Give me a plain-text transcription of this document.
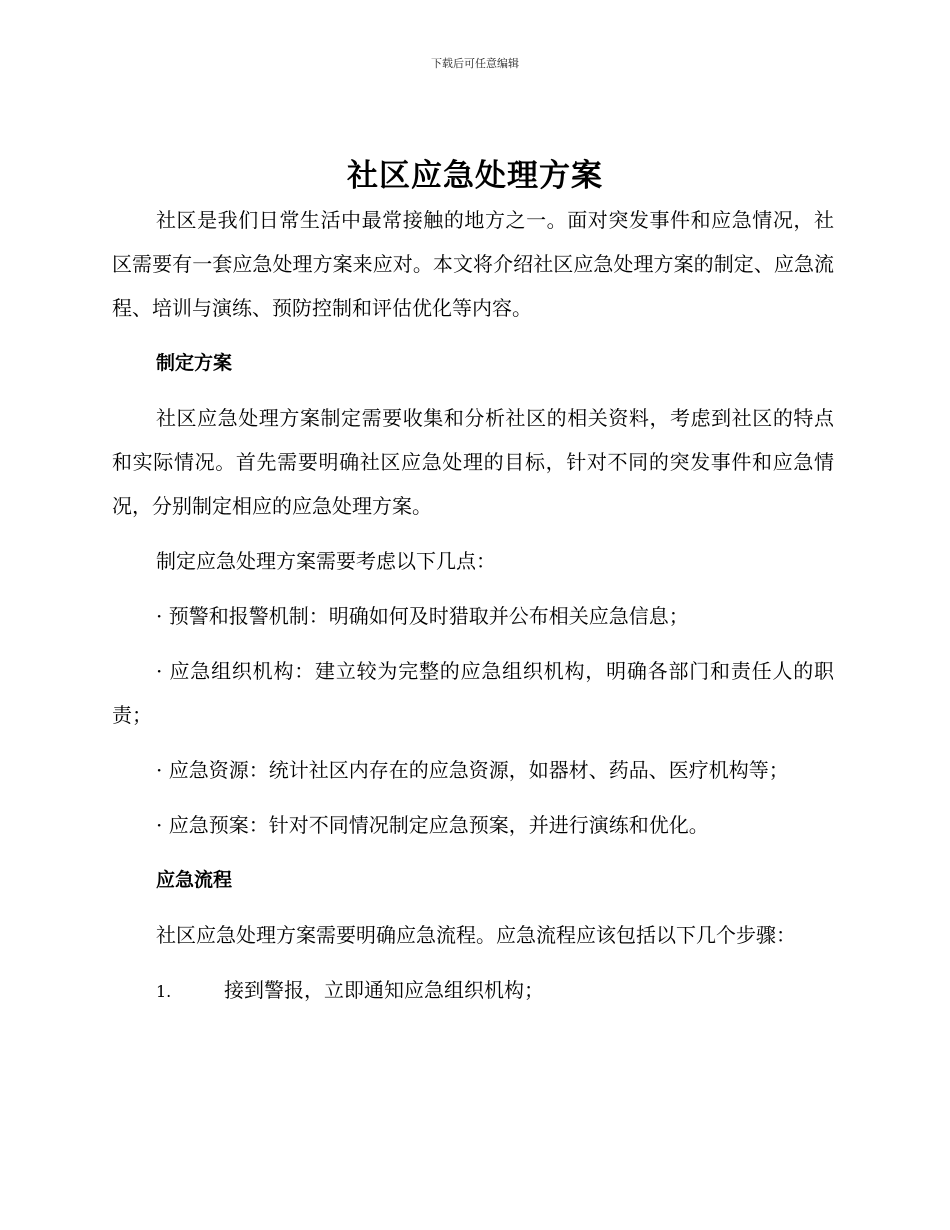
下载后可任意编辑
社区应急处理方案

社区是我们日常生活中最常接触的地方之一。面对突发事件和应急情况，社区需要有一套应急处理方案来应对。本文将介绍社区应急处理方案的制定、应急流程、培训与演练、预防控制和评估优化等内容。

制定方案

社区应急处理方案制定需要收集和分析社区的相关资料，考虑到社区的特点和实际情况。首先需要明确社区应急处理的目标，针对不同的突发事件和应急情况，分别制定相应的应急处理方案。

制定应急处理方案需要考虑以下几点：

· 预警和报警机制：明确如何及时猎取并公布相关应急信息；

· 应急组织机构：建立较为完整的应急组织机构，明确各部门和责任人的职责；

· 应急资源：统计社区内存在的应急资源，如器材、药品、医疗机构等；

· 应急预案：针对不同情况制定应急预案，并进行演练和优化。

应急流程

社区应急处理方案需要明确应急流程。应急流程应该包括以下几个步骤：

1.	接到警报，立即通知应急组织机构；
